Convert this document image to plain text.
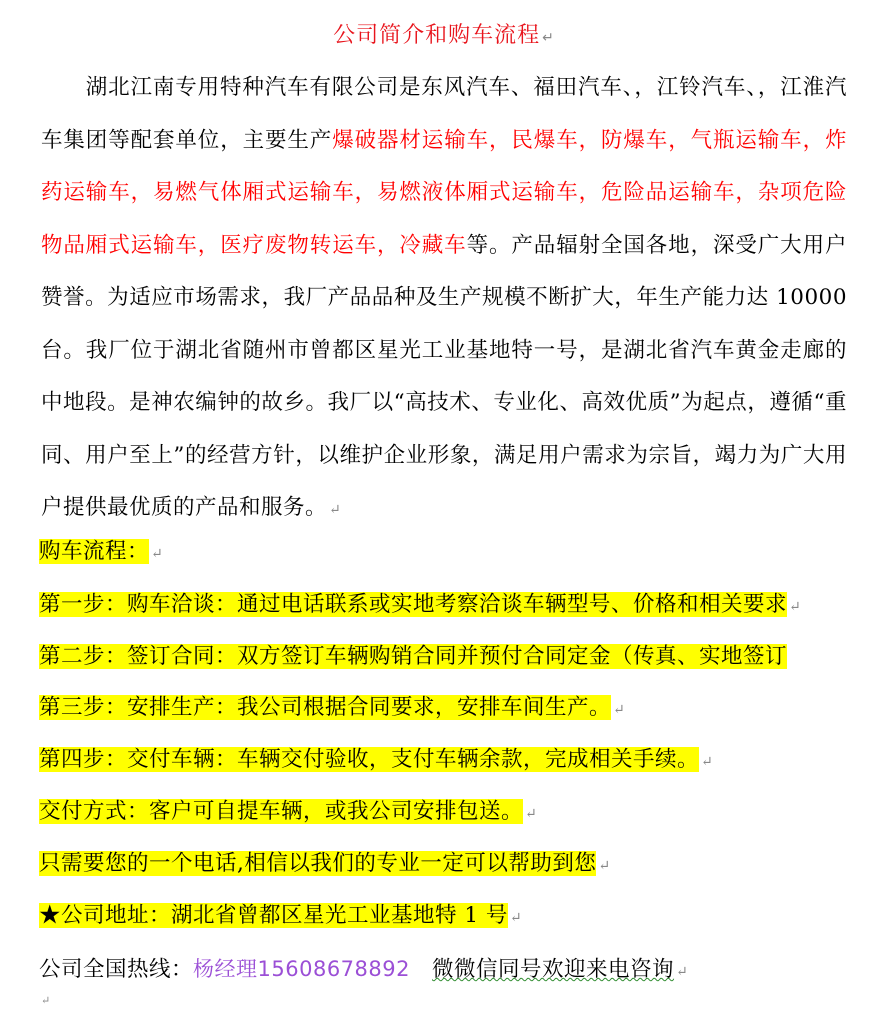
公司简介和购车流程 ↵
　　湖北江南专用特种汽车有限公司是东风汽车、福田汽车、，江铃汽车、，江淮汽车集团等配套单位，主要生产爆破器材运输车，民爆车，防爆车，气瓶运输车，炸药运输车，易燃气体厢式运输车，易燃液体厢式运输车，危险品运输车，杂项危险物品厢式运输车，医疗废物转运车，冷藏车等。产品辐射全国各地，深受广大用户赞誉。为适应市场需求，我厂产品品种及生产规模不断扩大，年生产能力达 10000 台。我厂位于湖北省随州市曾都区星光工业基地特一号，是湖北省汽车黄金走廊的中地段。是神农编钟的故乡。我厂以“高技术、专业化、高效优质”为起点，遵循“重同、用户至上”的经营方针，以维护企业形象，满足用户需求为宗旨，竭力为广大用户提供最优质的产品和服务。 ↵
购车流程： ↵
第一步：购车洽谈：通过电话联系或实地考察洽谈车辆型号、价格和相关要求 ↵
第二步：签订合同：双方签订车辆购销合同并预付合同定金（传真、实地签订
第三步：安排生产：我公司根据合同要求，安排车间生产。 ↵
第四步：交付车辆：车辆交付验收，支付车辆余款，完成相关手续。 ↵
交付方式：客户可自提车辆，或我公司安排包送。 ↵
只需要您的一个电话,相信以我们的专业一定可以帮助到您 ↵
★公司地址：湖北省曾都区星光工业基地特 1 号 ↵
公司全国热线：杨经理15608678892 微微信同号欢迎来电咨询 ↵
↵
